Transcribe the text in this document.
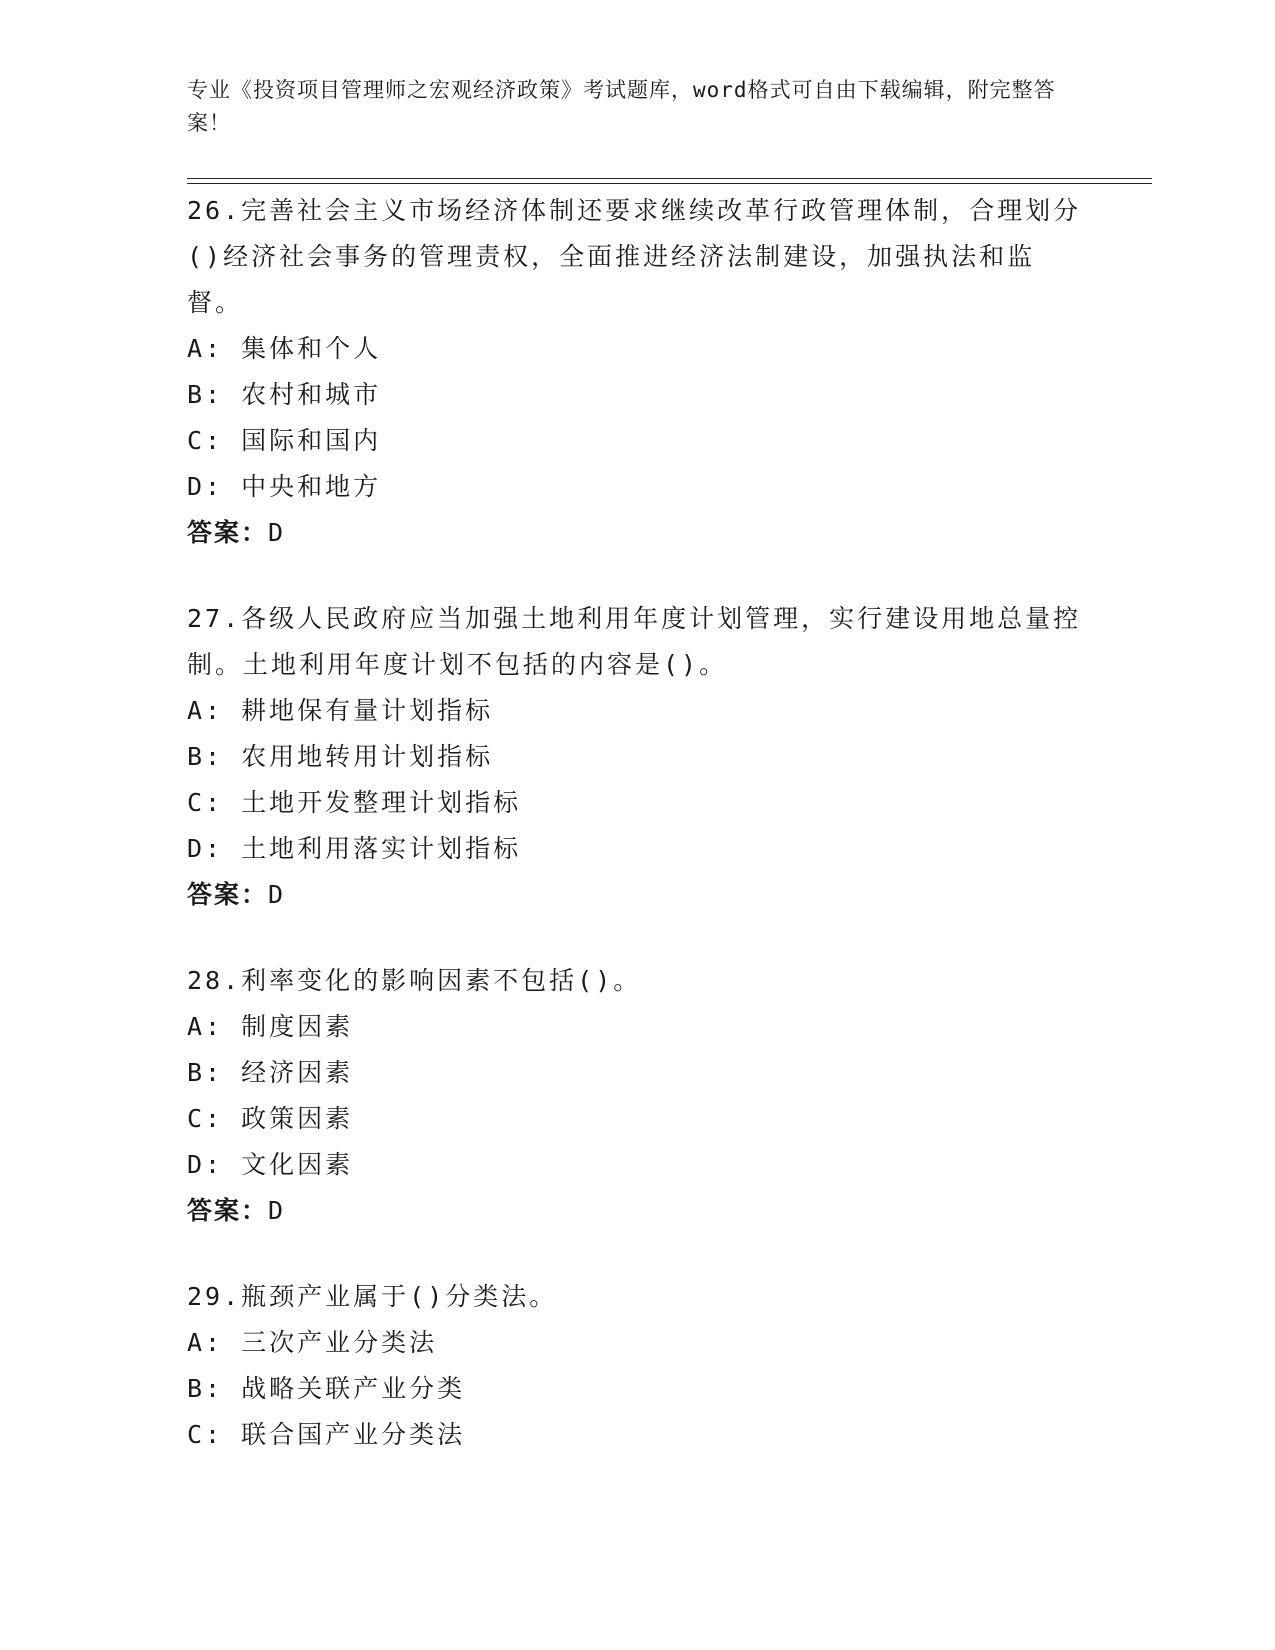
专业《投资项目管理师之宏观经济政策》考试题库，word格式可自由下载编辑，附完整答案！

26.完善社会主义市场经济体制还要求继续改革行政管理体制，合理划分()经济社会事务的管理责权，全面推进经济法制建设，加强执法和监督。

A: 集体和个人

B: 农村和城市

C: 国际和国内

D: 中央和地方

答案：D

27.各级人民政府应当加强土地利用年度计划管理，实行建设用地总量控制。土地利用年度计划不包括的内容是()。

A: 耕地保有量计划指标

B: 农用地转用计划指标

C: 土地开发整理计划指标

D: 土地利用落实计划指标

答案：D

28.利率变化的影响因素不包括()。

A: 制度因素

B: 经济因素

C: 政策因素

D: 文化因素

答案：D

29.瓶颈产业属于()分类法。

A: 三次产业分类法

B: 战略关联产业分类

C: 联合国产业分类法
